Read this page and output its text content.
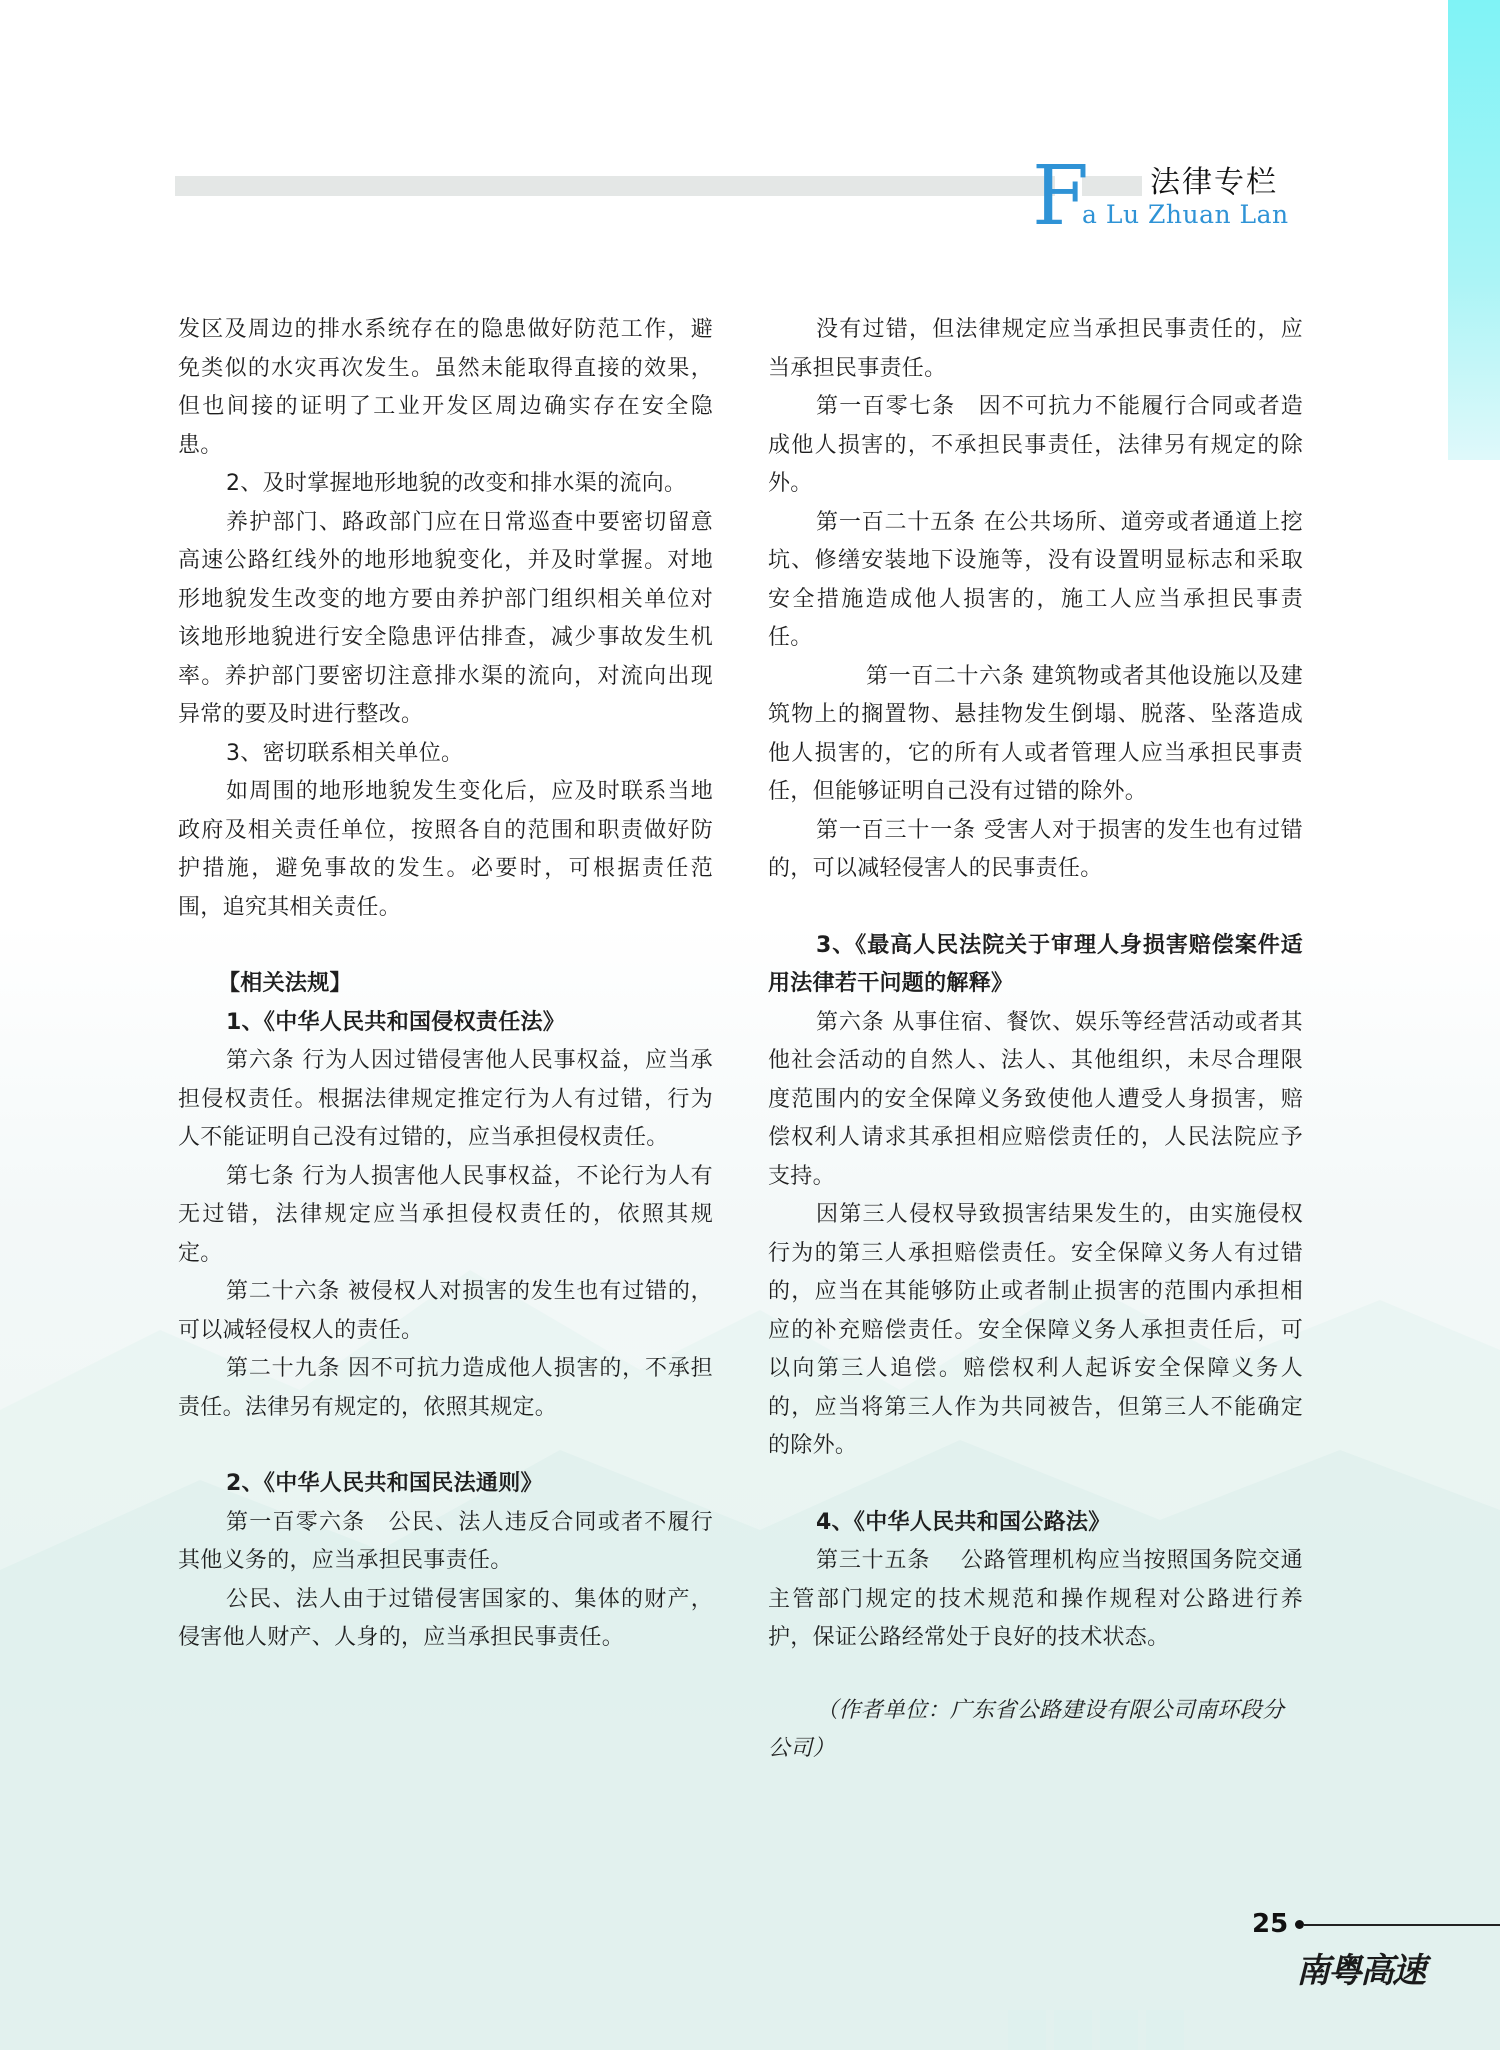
F 法律专栏
a Lu Zhuan Lan

发区及周边的排水系统存在的隐患做好防范工作，避免类似的水灾再次发生。虽然未能取得直接的效果，但也间接的证明了工业开发区周边确实存在安全隐患。

2、及时掌握地形地貌的改变和排水渠的流向。

养护部门、路政部门应在日常巡查中要密切留意高速公路红线外的地形地貌变化，并及时掌握。对地形地貌发生改变的地方要由养护部门组织相关单位对该地形地貌进行安全隐患评估排查，减少事故发生机率。养护部门要密切注意排水渠的流向，对流向出现异常的要及时进行整改。

3、密切联系相关单位。

如周围的地形地貌发生变化后，应及时联系当地政府及相关责任单位，按照各自的范围和职责做好防护措施，避免事故的发生。必要时，可根据责任范围，追究其相关责任。

【相关法规】

1、《中华人民共和国侵权责任法》

第六条 行为人因过错侵害他人民事权益，应当承担侵权责任。根据法律规定推定行为人有过错，行为人不能证明自己没有过错的，应当承担侵权责任。

第七条 行为人损害他人民事权益，不论行为人有无过错，法律规定应当承担侵权责任的，依照其规定。

第二十六条 被侵权人对损害的发生也有过错的，可以减轻侵权人的责任。

第二十九条 因不可抗力造成他人损害的，不承担责任。法律另有规定的，依照其规定。

2、《中华人民共和国民法通则》

第一百零六条　公民、法人违反合同或者不履行其他义务的，应当承担民事责任。

公民、法人由于过错侵害国家的、集体的财产，侵害他人财产、人身的，应当承担民事责任。

没有过错，但法律规定应当承担民事责任的，应当承担民事责任。

第一百零七条　因不可抗力不能履行合同或者造成他人损害的，不承担民事责任，法律另有规定的除外。

第一百二十五条 在公共场所、道旁或者通道上挖坑、修缮安装地下设施等，没有设置明显标志和采取安全措施造成他人损害的，施工人应当承担民事责任。

第一百二十六条 建筑物或者其他设施以及建筑物上的搁置物、悬挂物发生倒塌、脱落、坠落造成他人损害的，它的所有人或者管理人应当承担民事责任，但能够证明自己没有过错的除外。

第一百三十一条 受害人对于损害的发生也有过错的，可以减轻侵害人的民事责任。

3、《最高人民法院关于审理人身损害赔偿案件适用法律若干问题的解释》

第六条 从事住宿、餐饮、娱乐等经营活动或者其他社会活动的自然人、法人、其他组织，未尽合理限度范围内的安全保障义务致使他人遭受人身损害，赔偿权利人请求其承担相应赔偿责任的，人民法院应予支持。

因第三人侵权导致损害结果发生的，由实施侵权行为的第三人承担赔偿责任。安全保障义务人有过错的，应当在其能够防止或者制止损害的范围内承担相应的补充赔偿责任。安全保障义务人承担责任后，可以向第三人追偿。赔偿权利人起诉安全保障义务人的，应当将第三人作为共同被告，但第三人不能确定的除外。

4、《中华人民共和国公路法》

第三十五条　 公路管理机构应当按照国务院交通主管部门规定的技术规范和操作规程对公路进行养护，保证公路经常处于良好的技术状态。

（作者单位：广东省公路建设有限公司南环段分公司）

25
南粤高速
